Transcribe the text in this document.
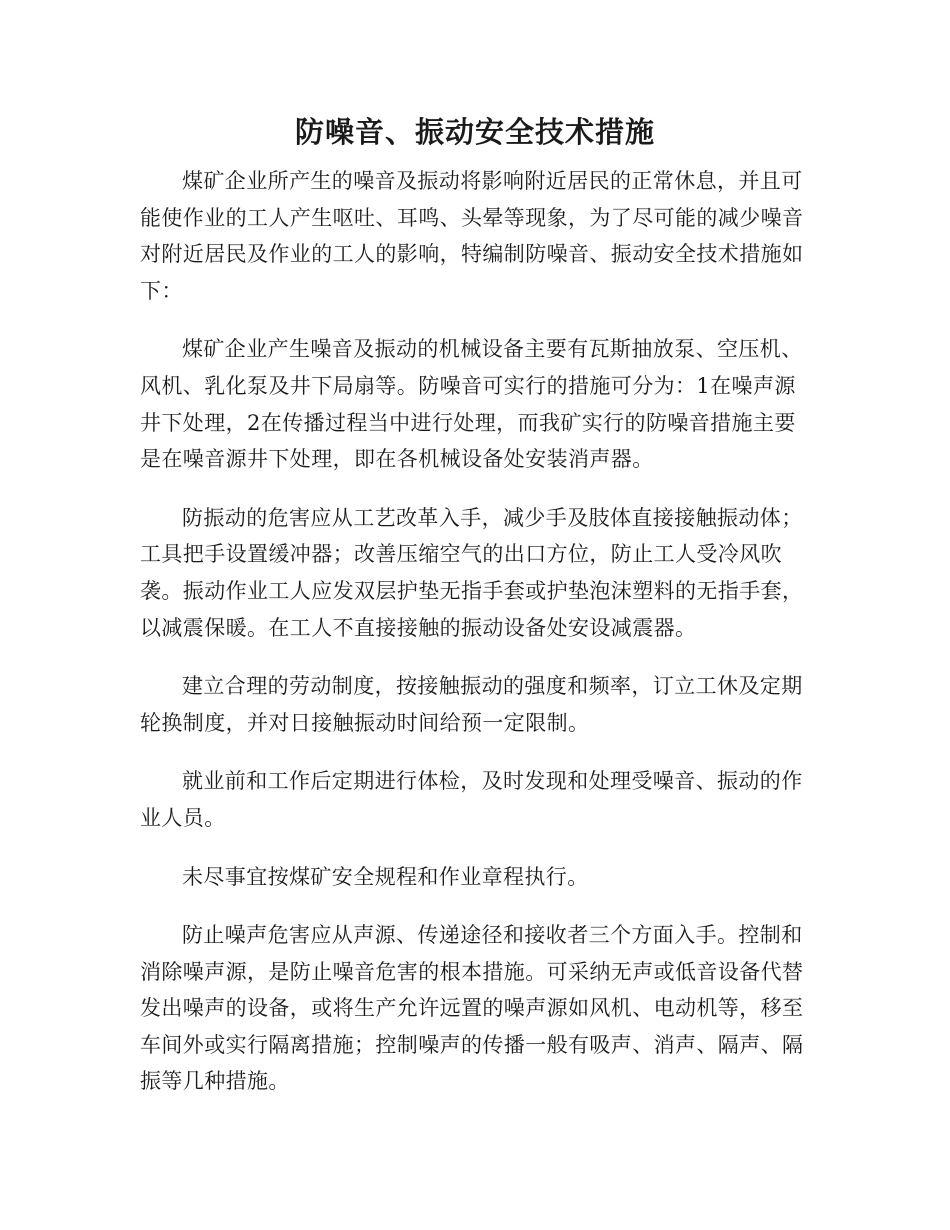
防噪音、振动安全技术措施

煤矿企业所产生的噪音及振动将影响附近居民的正常休息，并且可能使作业的工人产生呕吐、耳鸣、头晕等现象，为了尽可能的减少噪音对附近居民及作业的工人的影响，特编制防噪音、振动安全技术措施如下：

煤矿企业产生噪音及振动的机械设备主要有瓦斯抽放泵、空压机、风机、乳化泵及井下局扇等。防噪音可实行的措施可分为：1在噪声源井下处理，2在传播过程当中进行处理，而我矿实行的防噪音措施主要是在噪音源井下处理，即在各机械设备处安装消声器。

防振动的危害应从工艺改革入手，减少手及肢体直接接触振动体；工具把手设置缓冲器；改善压缩空气的出口方位，防止工人受冷风吹袭。振动作业工人应发双层护垫无指手套或护垫泡沫塑料的无指手套，以减震保暖。在工人不直接接触的振动设备处安设减震器。

建立合理的劳动制度，按接触振动的强度和频率，订立工休及定期轮换制度，并对日接触振动时间给预一定限制。

就业前和工作后定期进行体检，及时发现和处理受噪音、振动的作业人员。

未尽事宜按煤矿安全规程和作业章程执行。

防止噪声危害应从声源、传递途径和接收者三个方面入手。控制和消除噪声源，是防止噪音危害的根本措施。可采纳无声或低音设备代替发出噪声的设备，或将生产允许远置的噪声源如风机、电动机等，移至车间外或实行隔离措施；控制噪声的传播一般有吸声、消声、隔声、隔振等几种措施。
